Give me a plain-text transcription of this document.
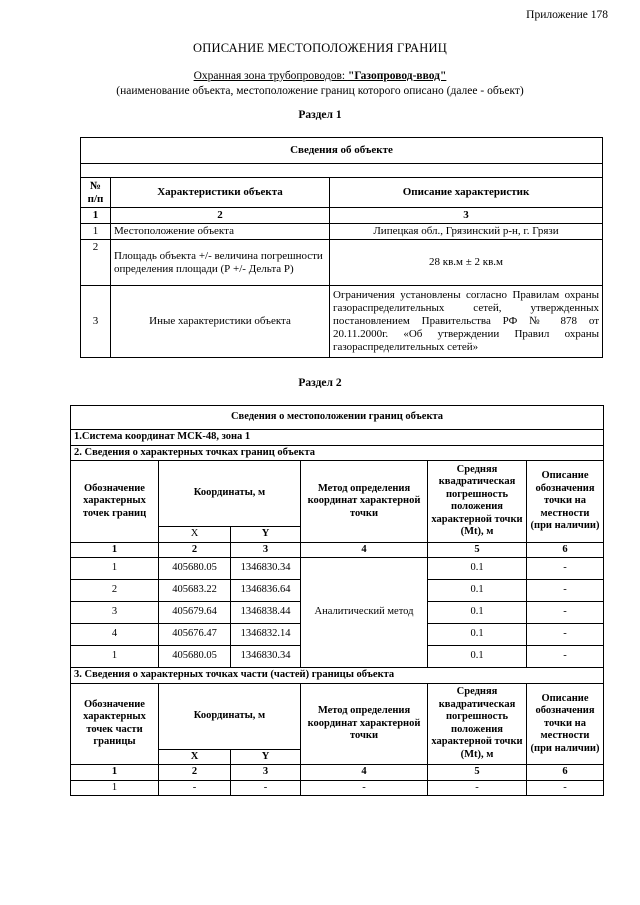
Приложение 178
ОПИСАНИЕ МЕСТОПОЛОЖЕНИЯ ГРАНИЦ
Охранная зона трубопроводов: "Газопровод-ввод"
(наименование объекта, местоположение границ которого описано (далее - объект)
Раздел 1
Сведения об объекте		

№ п/п	Характеристики объекта	Описание характеристик
1	2	3
1	Местоположение объекта	Липецкая обл., Грязинский р-н, г. Грязи
2	Площадь объекта +/- величина погрешности определения площади (Р +/- Дельта Р)	28 кв.м ± 2 кв.м
3	Иные характеристики объекта	Ограничения установлены согласно Правилам охраны газораспределительных сетей, утвержденных постановлением Правительства РФ № 878 от 20.11.2000г. «Об утверждении Правил охраны газораспределительных сетей»
Раздел 2
Сведения о местоположении границ объекта					
1.Система координат МСК-48, зона 1					
2. Сведения о характерных точках границ объекта					
Обозначение характерных точек границ	Координаты, м		Метод определения координат характерной точки	Средняя квадратическая погрешность положения характерной точки (Mt), м	Описание обозначения точки на местности (при наличии)
	X	Y			
1	2	3	4	5	6
1	405680.05	1346830.34	Аналитический метод	0.1	-
2	405683.22	1346836.64		0.1	-
3	405679.64	1346838.44		0.1	-
4	405676.47	1346832.14		0.1	-
1	405680.05	1346830.34		0.1	-
3. Сведения о характерных точках части (частей) границы объекта					
Обозначение характерных точек части границы	Координаты, м		Метод определения координат характерной точки	Средняя квадратическая погрешность положения характерной точки (Mt), м	Описание обозначения точки на местности (при наличии)
	X	Y			
1	2	3	4	5	6
1	-	-	-	-	-
